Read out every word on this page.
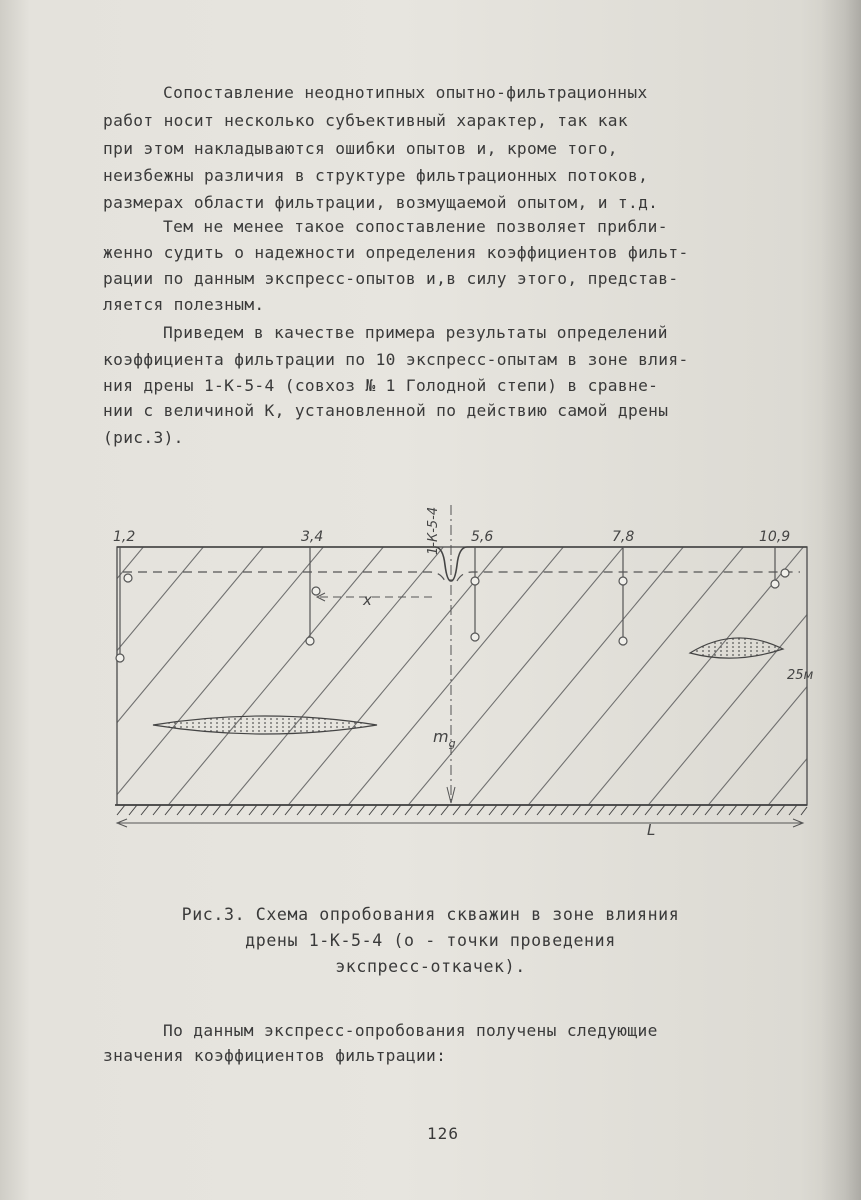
Сопоставление неоднотипных опытно-фильтрационных
работ носит несколько субъективный характер, так как
при этом накладываются ошибки опытов и, кроме того,
неизбежны различия в структуре фильтрационных потоков,
размерах области фильтрации, возмущаемой опытом, и т.д.
Тем не менее такое сопоставление позволяет прибли-
женно судить о надежности определения коэффициентов фильт-
рации по данным экспресс-опытов и,в силу этого, представ-
ляется полезным.
Приведем в качестве примера результаты определений
коэффициента фильтрации по 10 экспресс-опытам в зоне влия-
ния дрены 1-К-5-4 (совхоз № 1 Голодной степи) в сравне-
нии с величиной K, установленной по действию самой дрены
(рис.3).
x
L
1,2	3,4	5,6	7,8	10,9
1-К-5-4
25м
$m_g$
Рис.3. Схема опробования скважин в зоне влияния
дрены 1-К-5-4 (о - точки проведения
экспресс-откачек).
По данным экспресс-опробования получены следующие
значения коэффициентов фильтрации:
126
